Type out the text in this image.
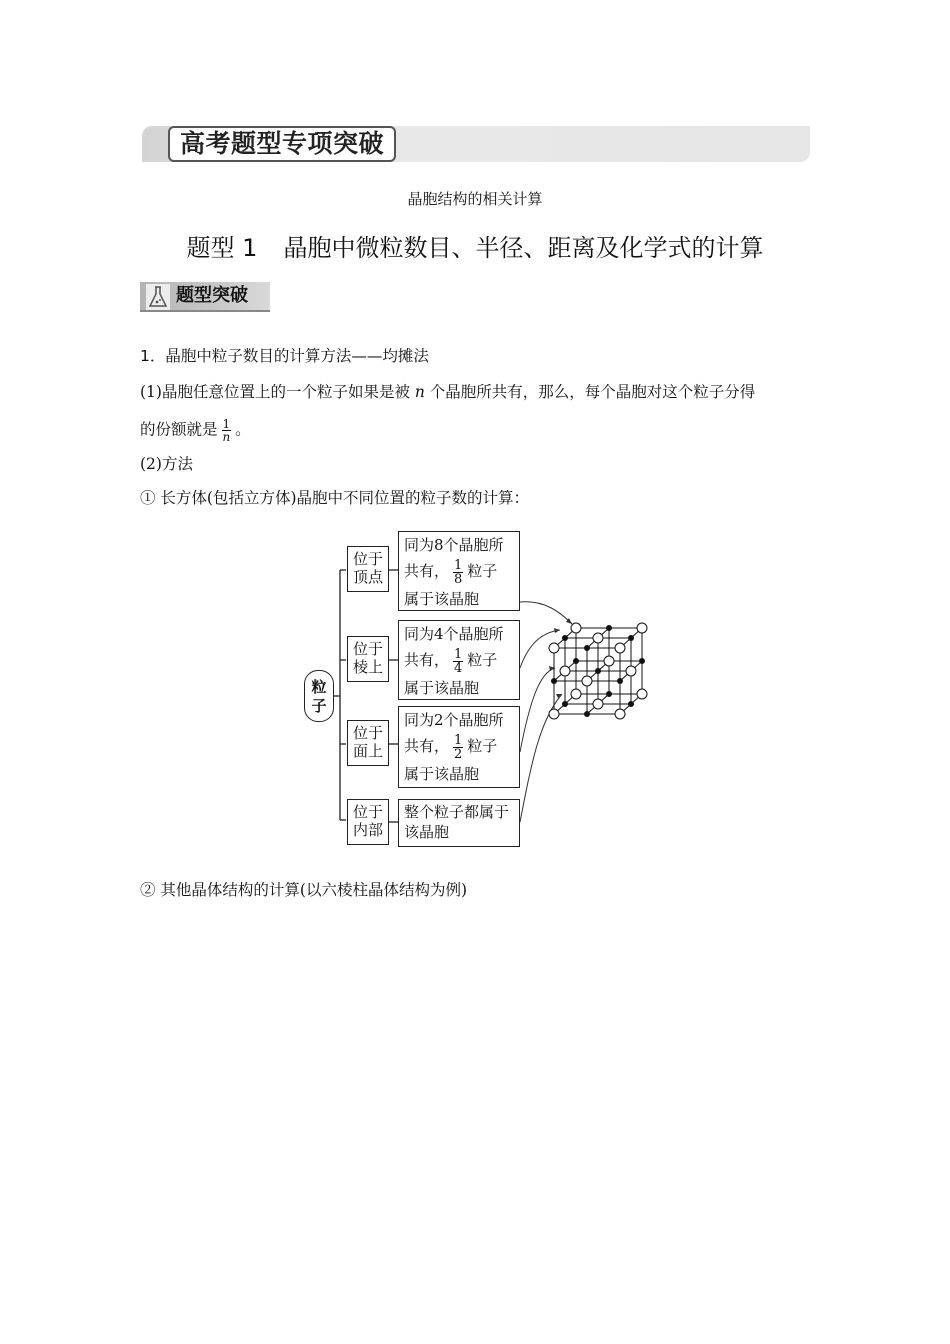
高考题型专项突破
晶胞结构的相关计算
题型 1 晶胞中微粒数目、半径、距离及化学式的计算
题型突破
1．晶胞中粒子数目的计算方法——均摊法
(1)晶胞任意位置上的一个粒子如果是被 n 个晶胞所共有，那么，每个晶胞对这个粒子分得
的份额就是 $\frac{1}{n}$ 。
(2)方法
① 长方体(包括立方体)晶胞中不同位置的粒子数的计算：
粒子
位于
顶点
同为8个晶胞所
共有， $\frac{1}{8}$ 粒子
属于该晶胞
位于
棱上
同为4个晶胞所
共有， $\frac{1}{4}$ 粒子
属于该晶胞
位于
面上
同为2个晶胞所
共有， $\frac{1}{2}$ 粒子
属于该晶胞
位于
内部
整个粒子都属于
该晶胞
② 其他晶体结构的计算(以六棱柱晶体结构为例)
